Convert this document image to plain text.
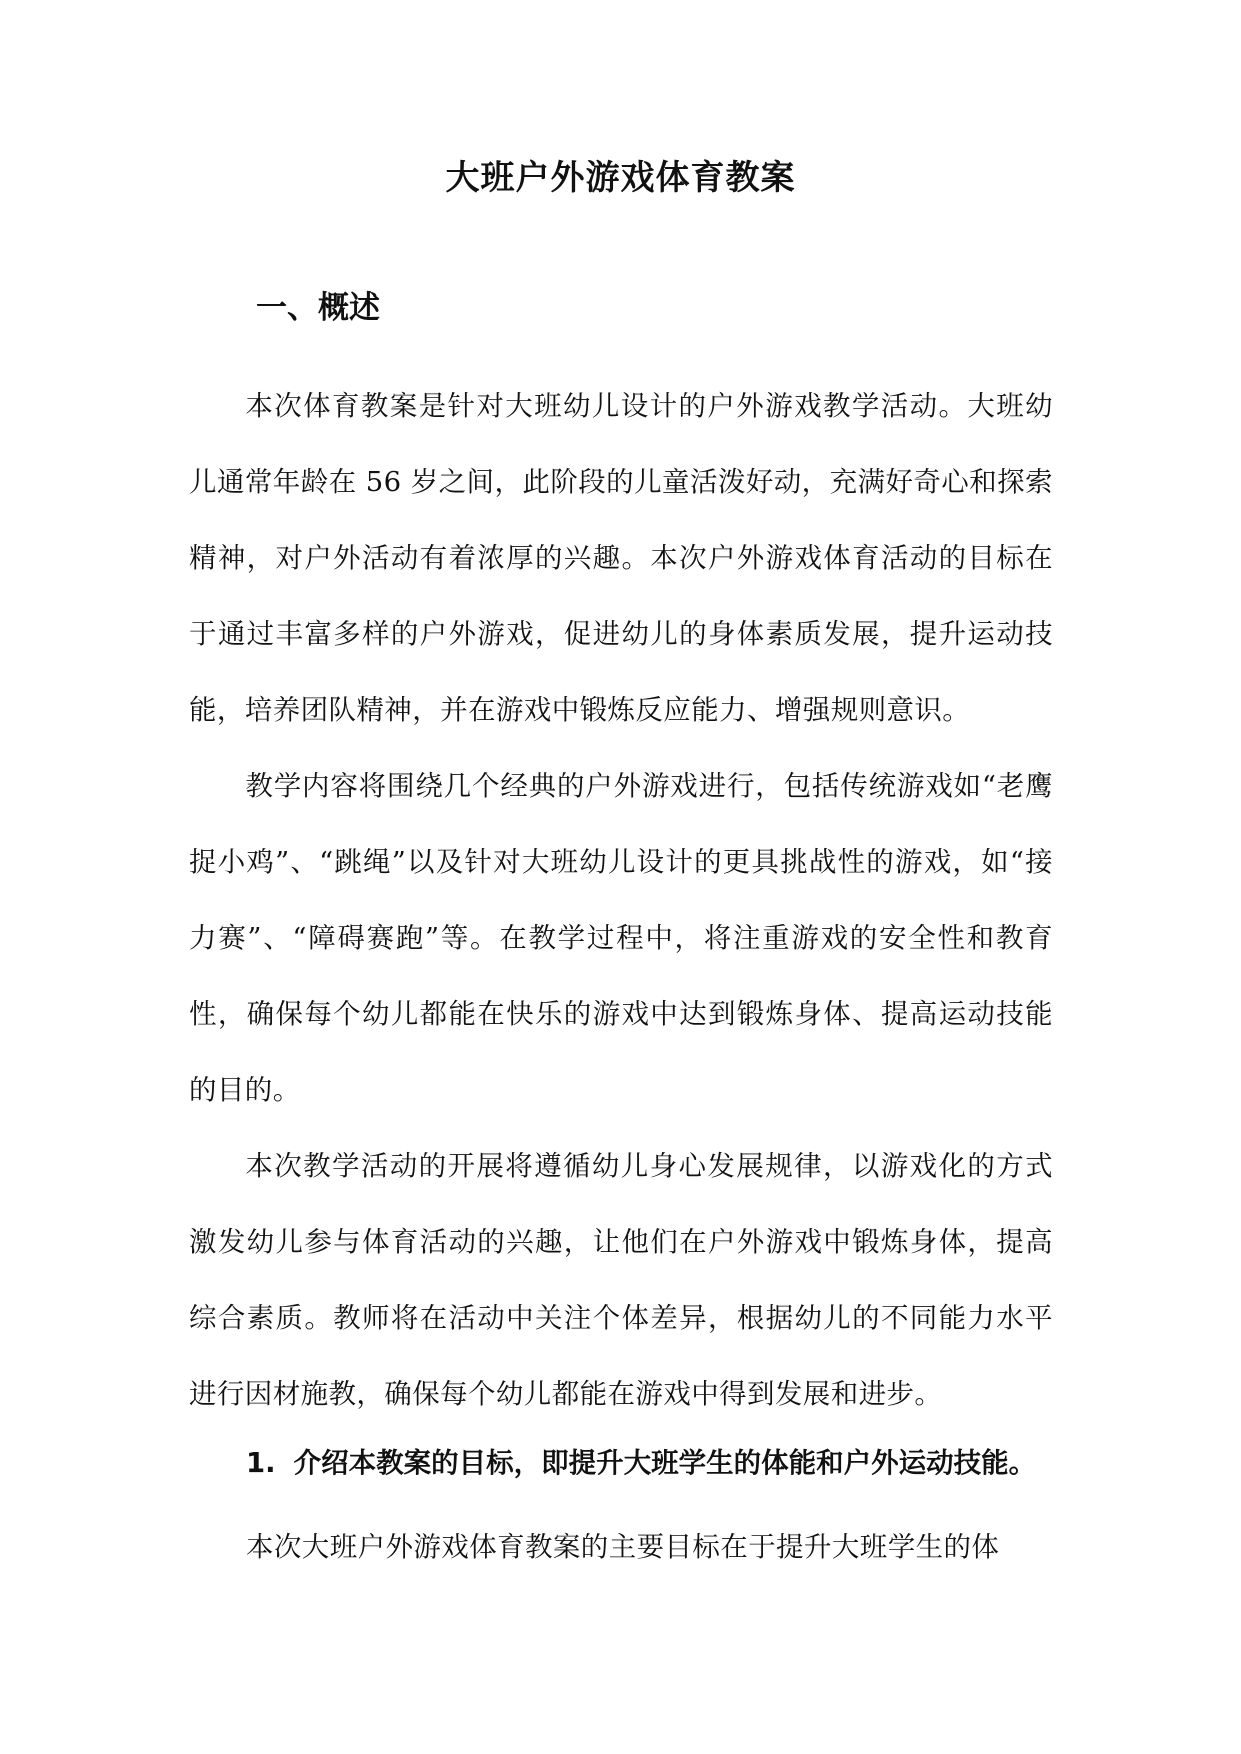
大班户外游戏体育教案
一、概述

本次体育教案是针对大班幼儿设计的户外游戏教学活动。大班幼儿通常年龄在 56 岁之间，此阶段的儿童活泼好动，充满好奇心和探索精神，对户外活动有着浓厚的兴趣。本次户外游戏体育活动的目标在于通过丰富多样的户外游戏，促进幼儿的身体素质发展，提升运动技能，培养团队精神，并在游戏中锻炼反应能力、增强规则意识。

教学内容将围绕几个经典的户外游戏进行，包括传统游戏如“老鹰捉小鸡”、“跳绳”以及针对大班幼儿设计的更具挑战性的游戏，如“接力赛”、“障碍赛跑”等。在教学过程中，将注重游戏的安全性和教育性，确保每个幼儿都能在快乐的游戏中达到锻炼身体、提高运动技能的目的。

本次教学活动的开展将遵循幼儿身心发展规律，以游戏化的方式激发幼儿参与体育活动的兴趣，让他们在户外游戏中锻炼身体，提高综合素质。教师将在活动中关注个体差异，根据幼儿的不同能力水平进行因材施教，确保每个幼儿都能在游戏中得到发展和进步。

1. 介绍本教案的目标，即提升大班学生的体能和户外运动技能。
本次大班户外游戏体育教案的主要目标在于提升大班学生的体
